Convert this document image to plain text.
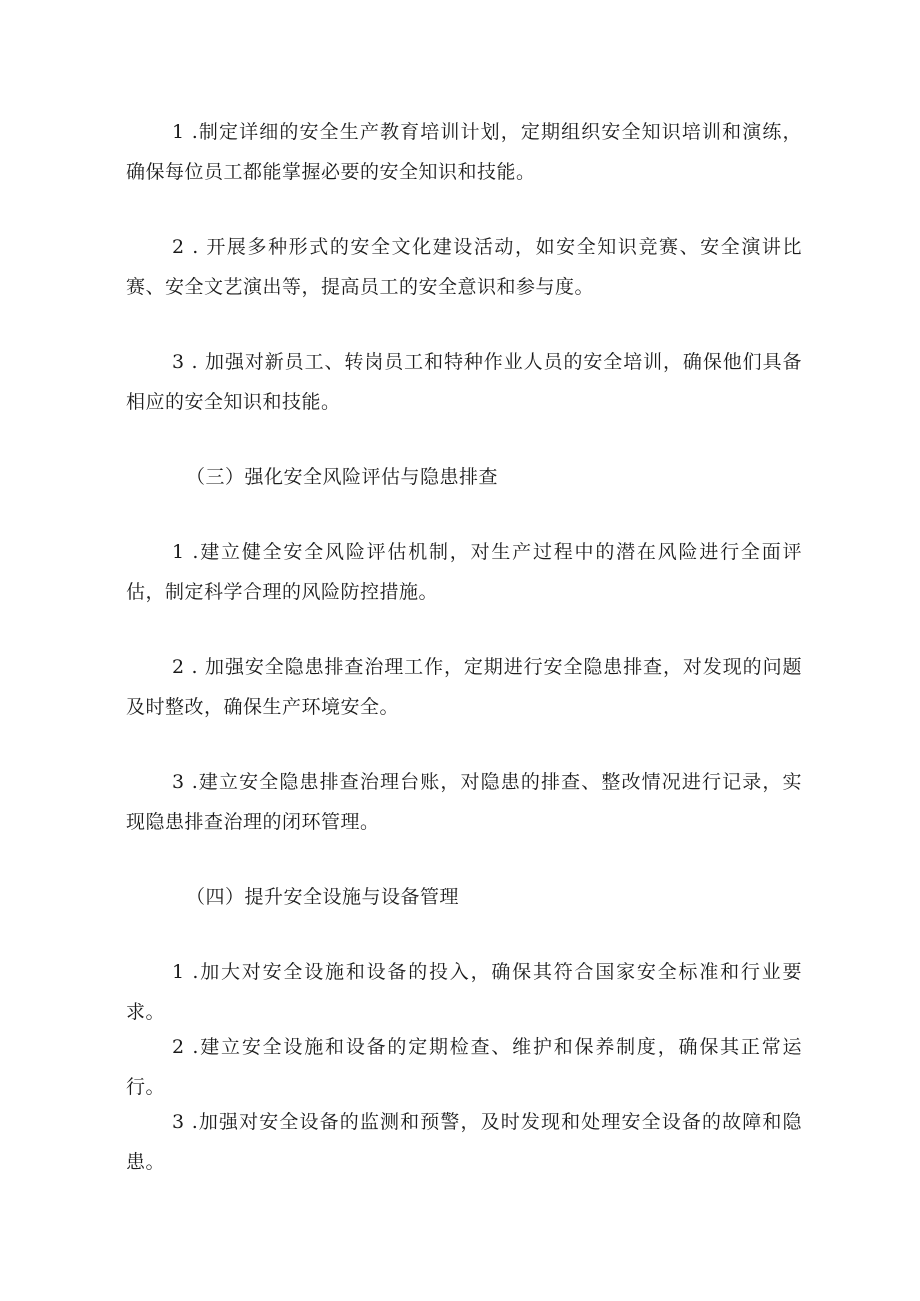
1 .制定详细的安全生产教育培训计划，定期组织安全知识培训和演练，确保每位员工都能掌握必要的安全知识和技能。

2 . 开展多种形式的安全文化建设活动，如安全知识竞赛、安全演讲比赛、安全文艺演出等，提高员工的安全意识和参与度。

3 . 加强对新员工、转岗员工和特种作业人员的安全培训，确保他们具备相应的安全知识和技能。

（三）强化安全风险评估与隐患排查

1 .建立健全安全风险评估机制，对生产过程中的潜在风险进行全面评估，制定科学合理的风险防控措施。

2 . 加强安全隐患排查治理工作，定期进行安全隐患排查，对发现的问题及时整改，确保生产环境安全。

3 .建立安全隐患排查治理台账，对隐患的排查、整改情况进行记录，实现隐患排查治理的闭环管理。

（四）提升安全设施与设备管理

1 .加大对安全设施和设备的投入，确保其符合国家安全标准和行业要求。

2 .建立安全设施和设备的定期检查、维护和保养制度，确保其正常运行。

3 .加强对安全设备的监测和预警，及时发现和处理安全设备的故障和隐患。
